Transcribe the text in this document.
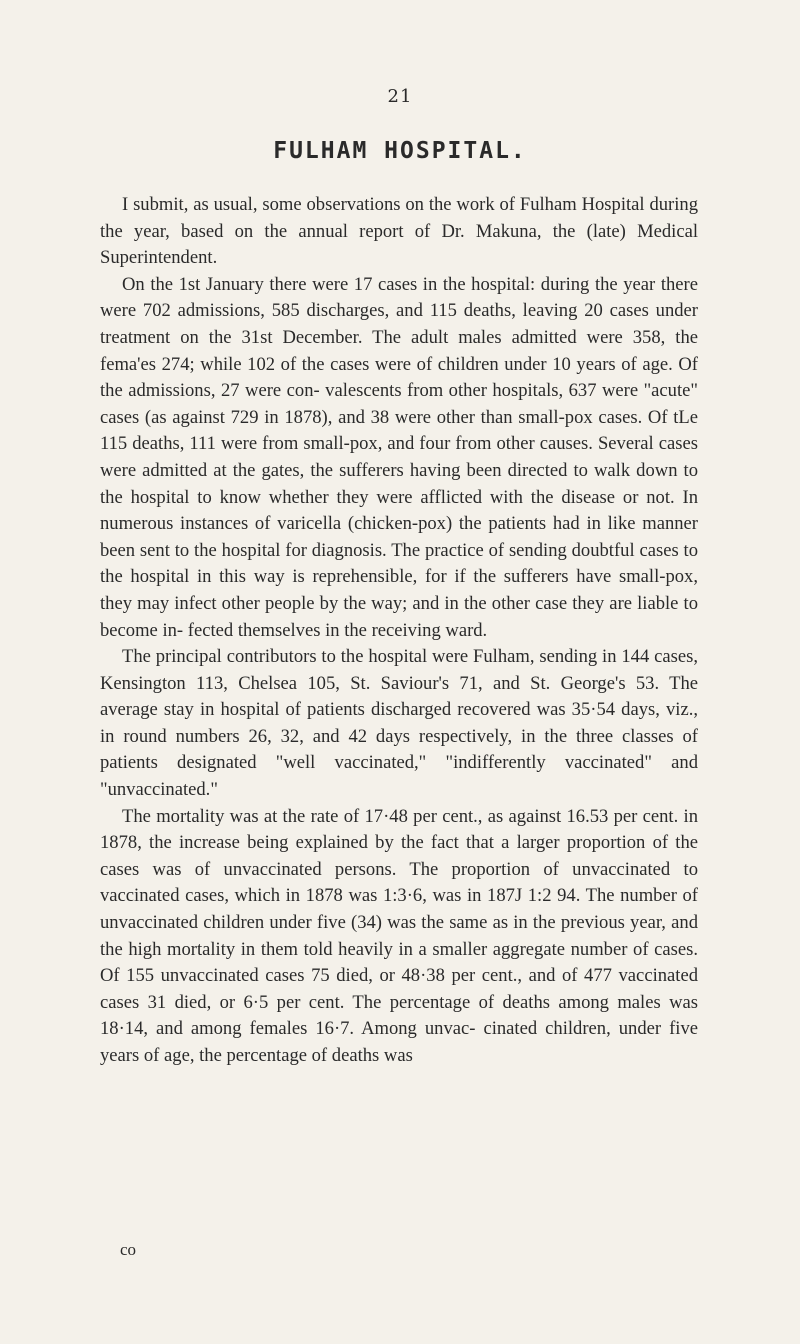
21
FULHAM HOSPITAL.

I submit, as usual, some observations on the work of Fulham Hospital during the year, based on the annual report of Dr. Makuna, the (late) Medical Superintendent.

On the 1st January there were 17 cases in the hospital: during the year there were 702 admissions, 585 discharges, and 115 deaths, leaving 20 cases under treatment on the 31st December. The adult males admitted were 358, the fema'es 274; while 102 of the cases were of children under 10 years of age. Of the admissions, 27 were con- valescents from other hospitals, 637 were "acute" cases (as against 729 in 1878), and 38 were other than small-pox cases. Of tLe 115 deaths, 111 were from small-pox, and four from other causes. Several cases were admitted at the gates, the sufferers having been directed to walk down to the hospital to know whether they were afflicted with the disease or not. In numerous instances of varicella (chicken-pox) the patients had in like manner been sent to the hospital for diagnosis. The practice of sending doubtful cases to the hospital in this way is reprehensible, for if the sufferers have small-pox, they may infect other people by the way; and in the other case they are liable to become in- fected themselves in the receiving ward.

The principal contributors to the hospital were Fulham, sending in 144 cases, Kensington 113, Chelsea 105, St. Saviour's 71, and St. George's 53. The average stay in hospital of patients discharged recovered was 35·54 days, viz., in round numbers 26, 32, and 42 days respectively, in the three classes of patients designated "well vaccinated," "indifferently vaccinated" and "unvaccinated."

The mortality was at the rate of 17·48 per cent., as against 16.53 per cent. in 1878, the increase being explained by the fact that a larger proportion of the cases was of unvaccinated persons. The proportion of unvaccinated to vaccinated cases, which in 1878 was 1:3·6, was in 187J 1:2 94. The number of unvaccinated children under five (34) was the same as in the previous year, and the high mortality in them told heavily in a smaller aggregate number of cases. Of 155 unvaccinated cases 75 died, or 48·38 per cent., and of 477 vaccinated cases 31 died, or 6·5 per cent. The percentage of deaths among males was 18·14, and among females 16·7. Among unvac- cinated children, under five years of age, the percentage of deaths was

co
